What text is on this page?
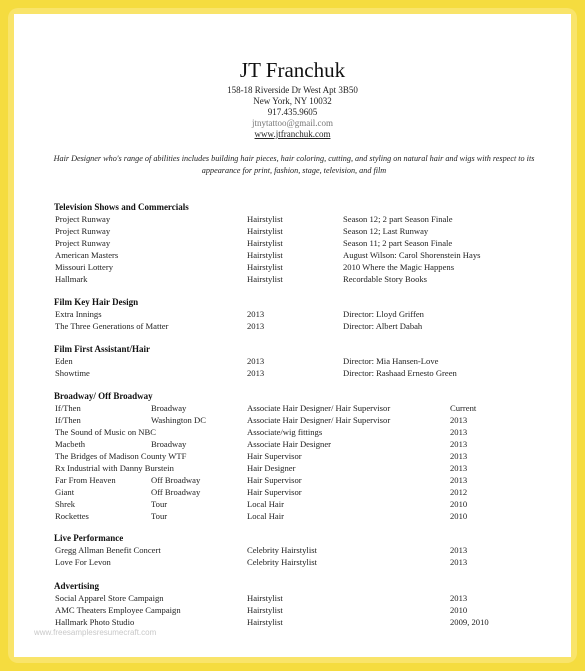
JT Franchuk
158-18 Riverside Dr West Apt 3B50
New York, NY 10032
917.435.9605
jtnytattoo@gmail.com
www.jtfranchuk.com
Hair Designer who's range of abilities includes building hair pieces, hair coloring, cutting, and styling on natural hair and wigs with respect to its appearance for print, fashion, stage, television, and film
Television Shows and Commercials
Project Runway	Hairstylist	Season 12; 2 part Season Finale
Project Runway	Hairstylist	Season 12; Last Runway
Project Runway	Hairstylist	Season 11; 2 part Season Finale
American Masters	Hairstylist	August Wilson: Carol Shorenstein Hays
Missouri Lottery	Hairstylist	2010 Where the Magic Happens
Hallmark	Hairstylist	Recordable Story Books
Film Key Hair Design
Extra Innings	2013	Director: Lloyd Griffen
The Three Generations of Matter	2013	Director: Albert Dabah
Film First Assistant/Hair
Eden	2013	Director: Mia Hansen-Love
Showtime	2013	Director: Rashaad Ernesto Green
Broadway/ Off Broadway
If/Then	Broadway	Associate Hair Designer/ Hair Supervisor	Current
If/Then	Washington DC	Associate Hair Designer/ Hair Supervisor	2013
The Sound of Music on NBC	Associate/wig fittings	2013
Macbeth	Broadway	Associate Hair Designer	2013
The Bridges of Madison County WTF	Hair Supervisor	2013
Rx Industrial with Danny Burstein	Hair Designer	2013
Far From Heaven	Off Broadway	Hair Supervisor	2013
Giant	Off Broadway	Hair Supervisor	2012
Shrek	Tour	Local Hair	2010
Rockettes	Tour	Local Hair	2010
Live Performance
Gregg Allman Benefit Concert	Celebrity Hairstylist	2013
Love For Levon	Celebrity Hairstylist	2013
Advertising
Social Apparel Store Campaign	Hairstylist	2013
AMC Theaters Employee Campaign	Hairstylist	2010
Hallmark Photo Studio	Hairstylist	2009, 2010
www.freesamplesresumecraft.com
